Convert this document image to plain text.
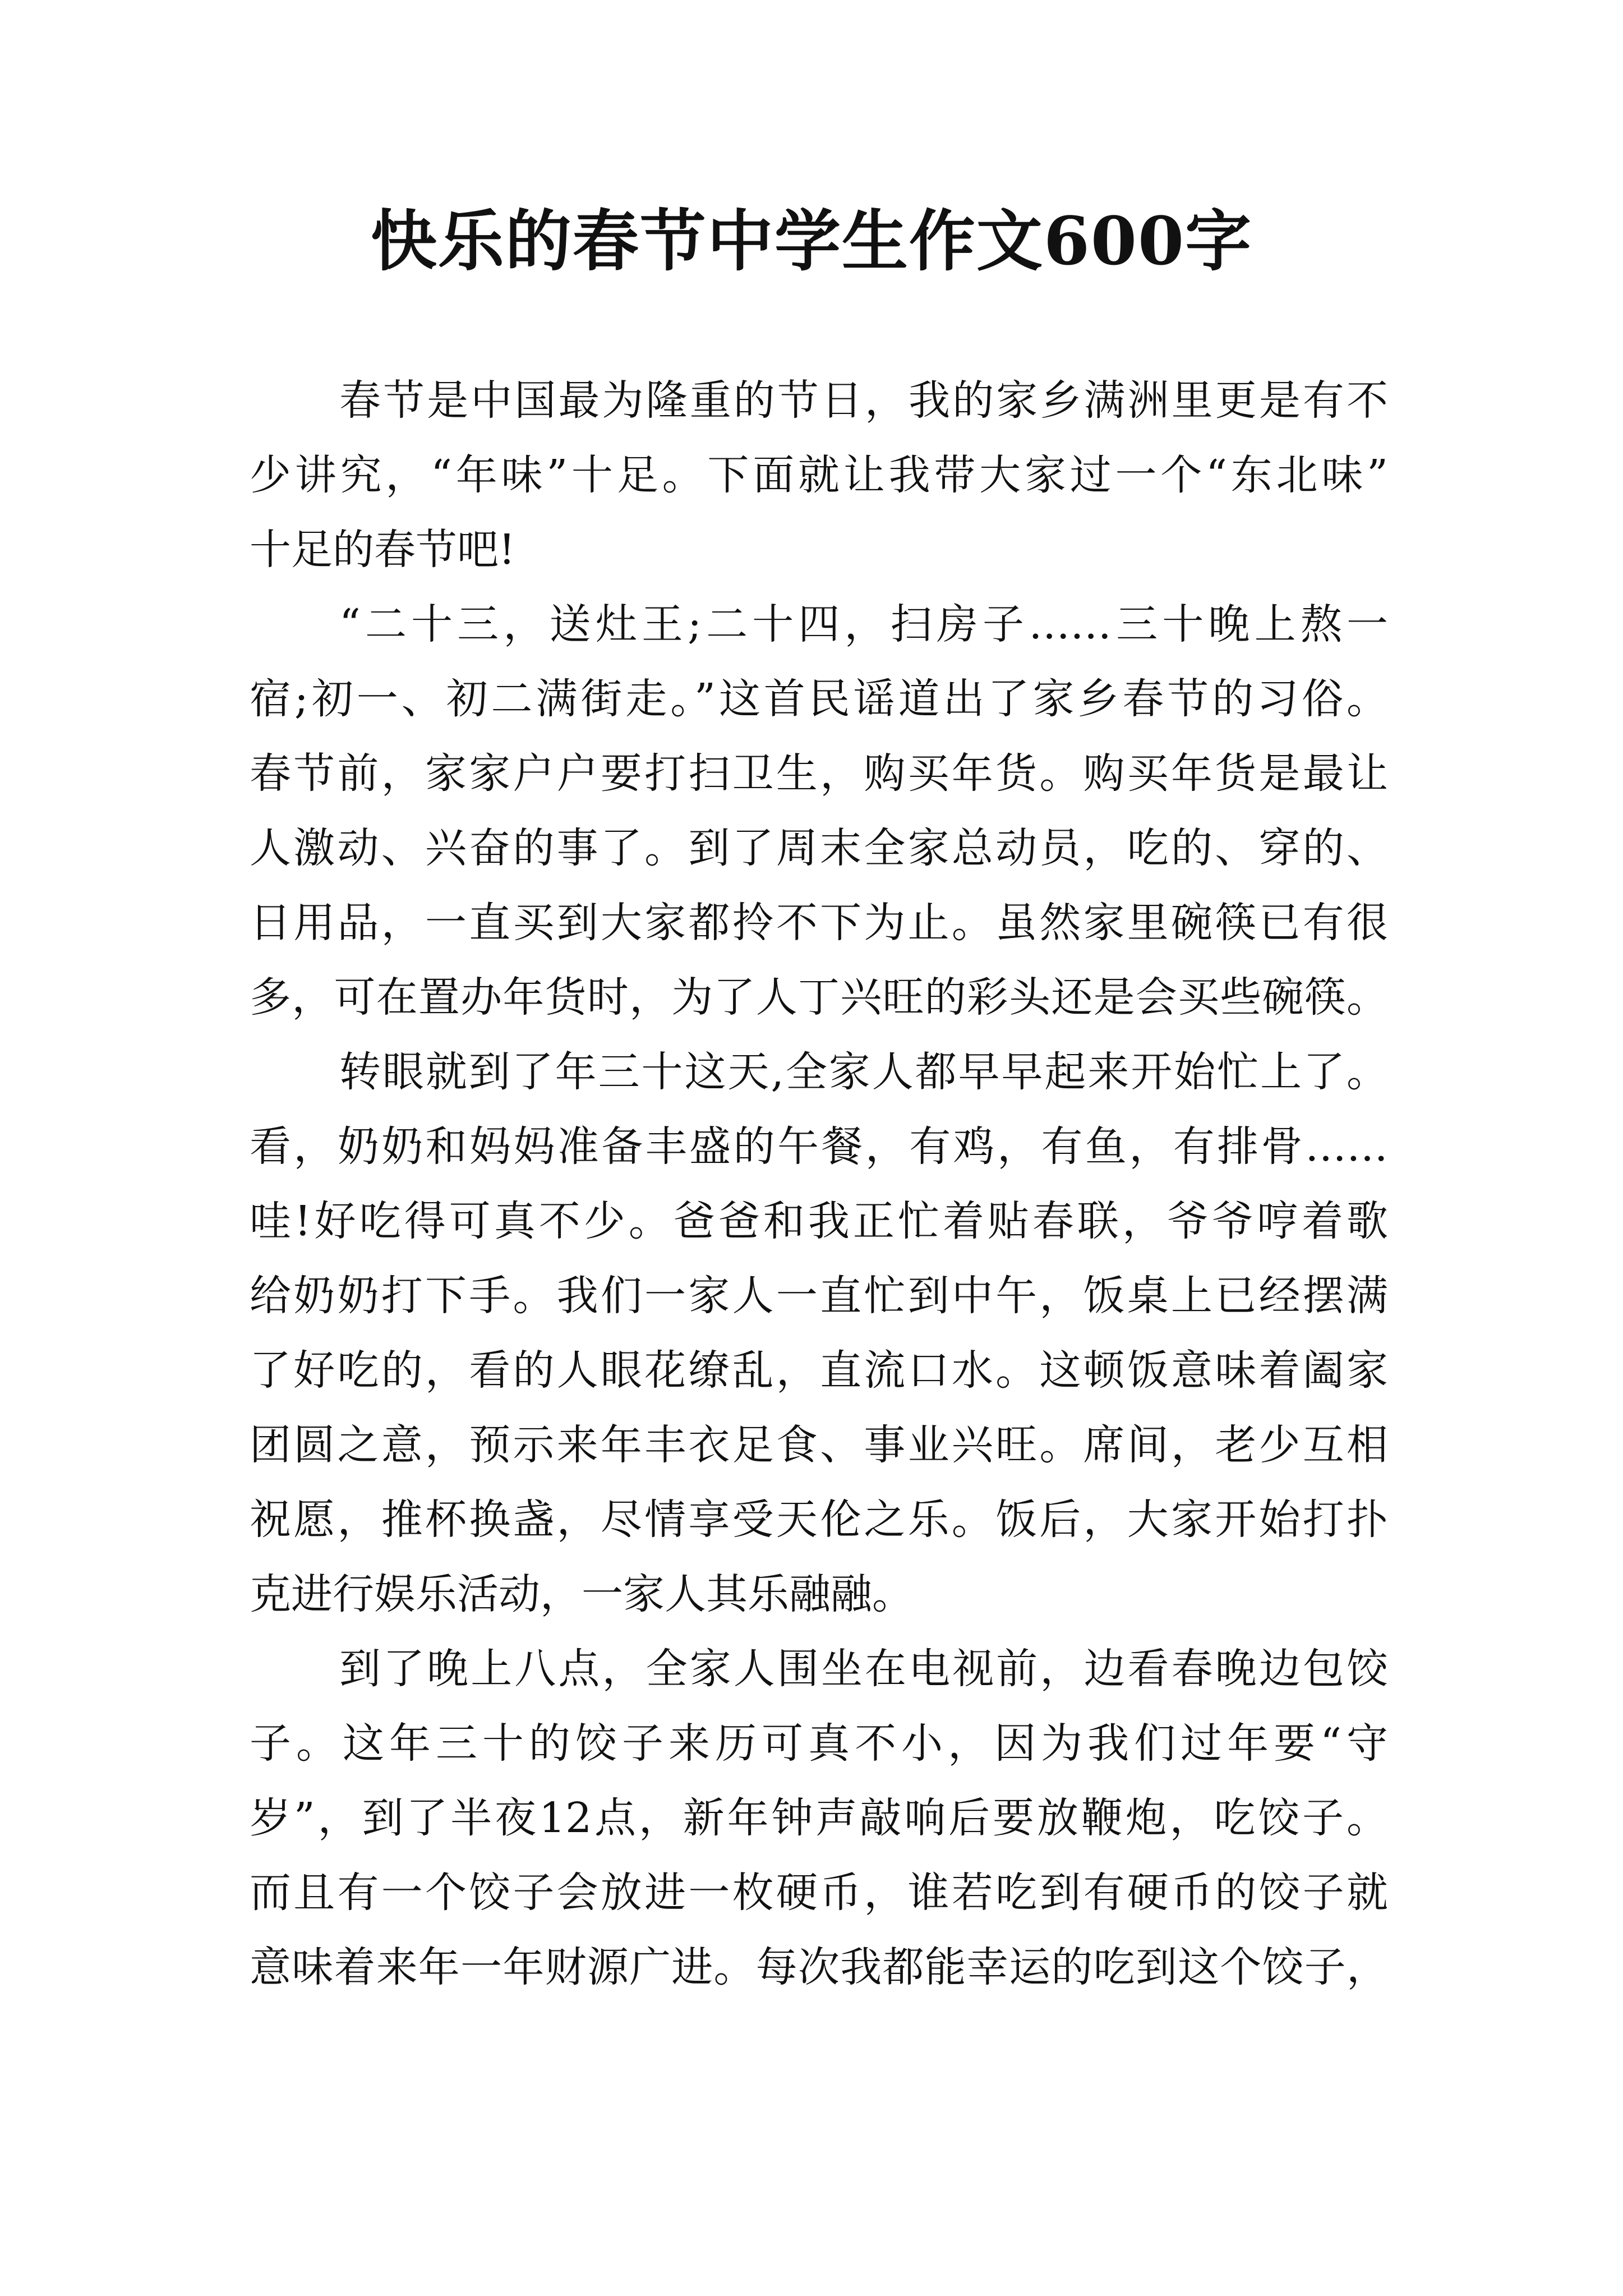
快乐的春节中学生作文600字
春节是中国最为隆重的节日，我的家乡满洲里更是有不
少讲究，“年味”十足。下面就让我带大家过一个“东北味”
十足的春节吧!
“二十三，送灶王;二十四，扫房子……三十晚上熬一
宿;初一、初二满街走。”这首民谣道出了家乡春节的习俗。
春节前，家家户户要打扫卫生，购买年货。购买年货是最让
人激动、兴奋的事了。到了周末全家总动员，吃的、穿的、
日用品，一直买到大家都拎不下为止。虽然家里碗筷已有很
多，可在置办年货时，为了人丁兴旺的彩头还是会买些碗筷。
转眼就到了年三十这天,全家人都早早起来开始忙上了。
看，奶奶和妈妈准备丰盛的午餐，有鸡，有鱼，有排骨……
哇!好吃得可真不少。爸爸和我正忙着贴春联，爷爷哼着歌
给奶奶打下手。我们一家人一直忙到中午，饭桌上已经摆满
了好吃的，看的人眼花缭乱，直流口水。这顿饭意味着阖家
团圆之意，预示来年丰衣足食、事业兴旺。席间，老少互相
祝愿，推杯换盏，尽情享受天伦之乐。饭后，大家开始打扑
克进行娱乐活动，一家人其乐融融。
到了晚上八点，全家人围坐在电视前，边看春晚边包饺
子。这年三十的饺子来历可真不小，因为我们过年要“守
岁”，到了半夜12点，新年钟声敲响后要放鞭炮，吃饺子。
而且有一个饺子会放进一枚硬币，谁若吃到有硬币的饺子就
意味着来年一年财源广进。每次我都能幸运的吃到这个饺子，
